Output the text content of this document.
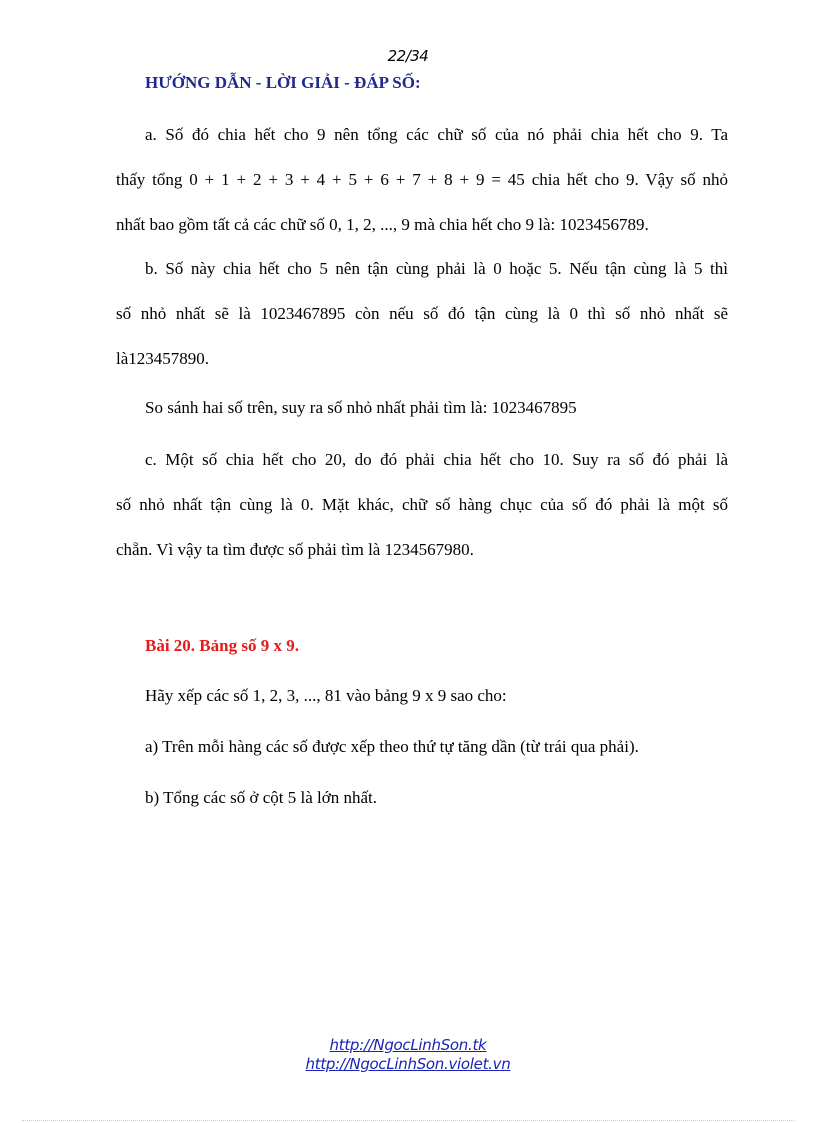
22/34
HƯỚNG DẪN - LỜI GIẢI - ĐÁP SỐ:
a. Số đó chia hết cho 9 nên tổng các chữ số của nó phải chia hết cho 9. Ta
thấy tổng 0 + 1 + 2 + 3 + 4 + 5 + 6 + 7 + 8 + 9 = 45 chia hết cho 9. Vậy số nhỏ
nhất bao gồm tất cả các chữ số 0, 1, 2, ..., 9 mà chia hết cho 9 là: 1023456789.
b. Số này chia hết cho 5 nên tận cùng phải là 0 hoặc 5. Nếu tận cùng là 5 thì
số nhỏ nhất sẽ là 1023467895 còn nếu số đó tận cùng là 0 thì số nhỏ nhất sẽ
là123457890.
So sánh hai số trên, suy ra số nhỏ nhất phải tìm là: 1023467895
c. Một số chia hết cho 20, do đó phải chia hết cho 10. Suy ra số đó phải là
số nhỏ nhất tận cùng là 0. Mặt khác, chữ số hàng chục của số đó phải là một số
chẵn. Vì vậy ta tìm được số phải tìm là 1234567980.
Bài 20. Bảng số 9 x 9.
Hãy xếp các số 1, 2, 3, ..., 81 vào bảng 9 x 9 sao cho:
a) Trên mỗi hàng các số được xếp theo thứ tự tăng dần (từ trái qua phải).
b) Tổng các số ở cột 5 là lớn nhất.
http://NgocLinhSon.tk
http://NgocLinhSon.violet.vn
